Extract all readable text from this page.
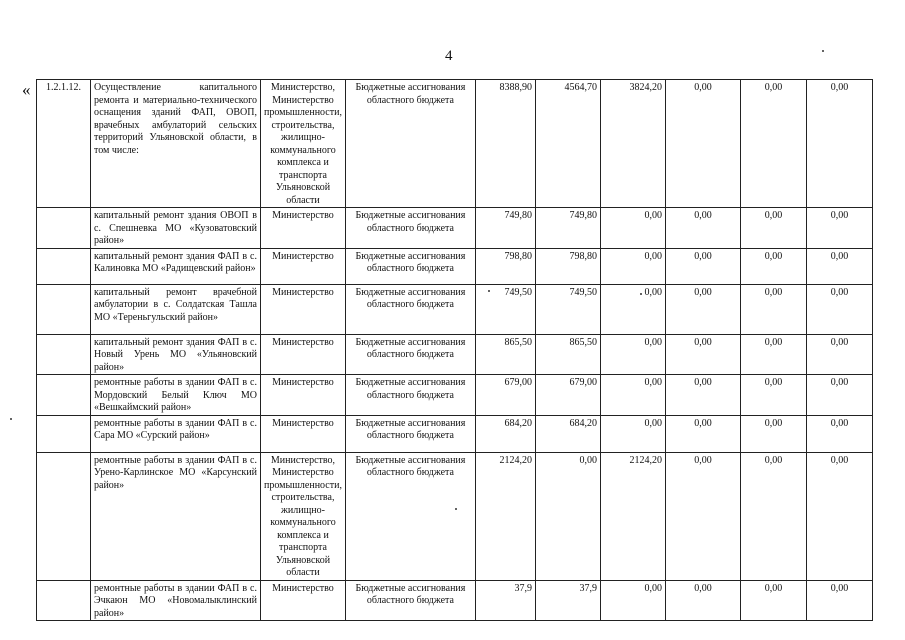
4
« 1.2.1.12.	Осуществление капитального ремонта и материально-технического оснащения зданий ФАП, ОВОП, врачебных амбулаторий сельских территорий Ульяновской области, в том числе:	Министерство, Министерство промышленности, строительства, жилищно-коммунального комплекса и транспорта Ульяновской области	Бюджетные ассигнования областного бюджета	8388,90	4564,70	3824,20	0,00	0,00	0,00
	капитальный ремонт здания ОВОП в с. Спешневка МО «Кузоватовский район»	Министерство	Бюджетные ассигнования областного бюджета	749,80	749,80	0,00	0,00	0,00	0,00
	капитальный ремонт здания ФАП в с. Калиновка МО «Радищевский район»	Министерство	Бюджетные ассигнования областного бюджета	798,80	798,80	0,00	0,00	0,00	0,00
	капитальный ремонт врачебной амбулатории в с. Солдатская Ташла МО «Тереньгульский район»	Министерство	Бюджетные ассигнования областного бюджета	749,50	749,50	0,00	0,00	0,00	0,00
	капитальный ремонт здания ФАП в с. Новый Урень МО «Ульяновский район»	Министерство	Бюджетные ассигнования областного бюджета	865,50	865,50	0,00	0,00	0,00	0,00
	ремонтные работы в здании ФАП в с. Мордовский Белый Ключ МО «Вешкаймский район»	Министерство	Бюджетные ассигнования областного бюджета	679,00	679,00	0,00	0,00	0,00	0,00
	ремонтные работы в здании ФАП в с. Сара МО «Сурский район»	Министерство	Бюджетные ассигнования областного бюджета	684,20	684,20	0,00	0,00	0,00	0,00
	ремонтные работы в здании ФАП в с. Урено-Карлинское МО «Карсунский район»	Министерство, Министерство промышленности, строительства, жилищно-коммунального комплекса и транспорта Ульяновской области	Бюджетные ассигнования областного бюджета	2124,20	0,00	2124,20	0,00	0,00	0,00
	ремонтные работы в здании ФАП в с. Эчкаюн МО «Новомалыклинский район»	Министерство	Бюджетные ассигнования областного бюджета	37,9	37,9	0,00	0,00	0,00	0,00
